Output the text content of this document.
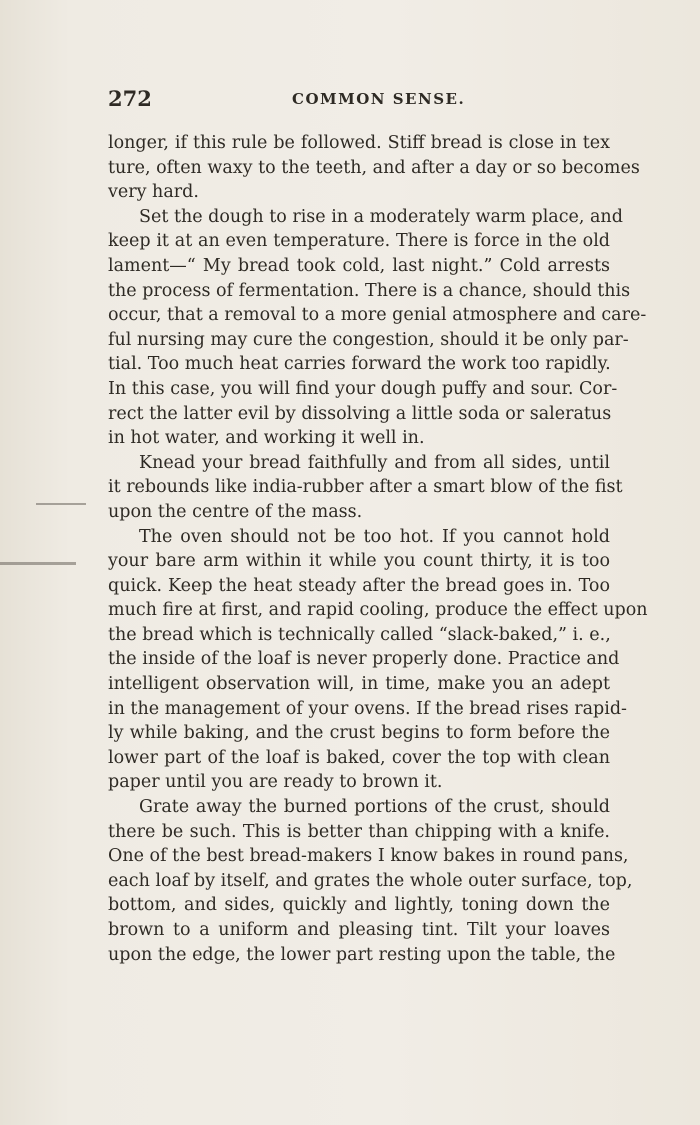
272	COMMON SENSE.
longer, if this rule be followed. Stiff bread is close in tex
ture, often waxy to the teeth, and after a day or so becomes
very hard.
Set the dough to rise in a moderately warm place, and
keep it at an even temperature. There is force in the old
lament—“ My bread took cold, last night.” Cold arrests
the process of fermentation. There is a chance, should this
occur, that a removal to a more genial atmosphere and care-
ful nursing may cure the congestion, should it be only par-
tial. Too much heat carries forward the work too rapidly.
In this case, you will find your dough puffy and sour. Cor-
rect the latter evil by dissolving a little soda or saleratus
in hot water, and working it well in.
Knead your bread faithfully and from all sides, until
it rebounds like india-rubber after a smart blow of the fist
upon the centre of the mass.
The oven should not be too hot. If you cannot hold
your bare arm within it while you count thirty, it is too
quick. Keep the heat steady after the bread goes in. Too
much fire at first, and rapid cooling, produce the effect upon
the bread which is technically called “slack-baked,” i. e.,
the inside of the loaf is never properly done. Practice and
intelligent observation will, in time, make you an adept
in the management of your ovens. If the bread rises rapid-
ly while baking, and the crust begins to form before the
lower part of the loaf is baked, cover the top with clean
paper until you are ready to brown it.
Grate away the burned portions of the crust, should
there be such. This is better than chipping with a knife.
One of the best bread-makers I know bakes in round pans,
each loaf by itself, and grates the whole outer surface, top,
bottom, and sides, quickly and lightly, toning down the
brown to a uniform and pleasing tint. Tilt your loaves
upon the edge, the lower part resting upon the table, the
